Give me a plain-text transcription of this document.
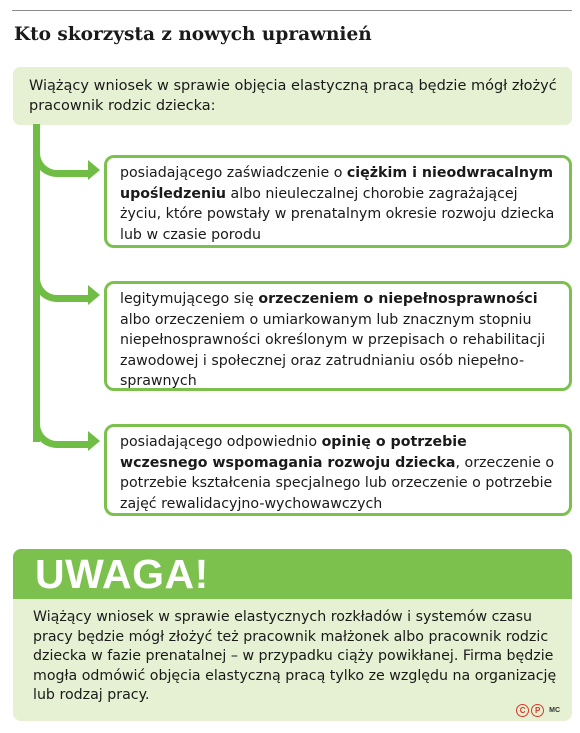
Kto skorzysta z nowych uprawnień
Wiążący wniosek w sprawie objęcia elastyczną pracą będzie mógł złożyć pracownik rodzic dziecka:
posiadającego zaświadczenie o ciężkim i nieodwracalnym upośledzeniu albo nieuleczalnej chorobie zagrażającej życiu, które powstały w prenatalnym okresie rozwoju dziecka lub w czasie porodu
legitymującego się orzeczeniem o niepełnosprawności albo orzeczeniem o umiarkowanym lub znacznym stopniu niepełnosprawności określonym w przepisach o rehabilitacji zawodowej i społecznej oraz zatrudnianiu osób niepełno-sprawnych
posiadającego odpowiednio opinię o potrzebie wczesnego wspomagania rozwoju dziecka, orzeczenie o potrzebie kształcenia specjalnego lub orzeczenie o potrzebie zajęć rewalidacyjno-wychowawczych
UWAGA!
Wiążący wniosek w sprawie elastycznych rozkładów i systemów czasu pracy będzie mógł złożyć też pracownik małżonek albo pracownik rodzic dziecka w fazie prenatalnej – w przypadku ciąży powikłanej. Firma będzie mogła odmówić objęcia elastyczną pracą tylko ze względu na organizację lub rodzaj pracy.
C	P	MC
